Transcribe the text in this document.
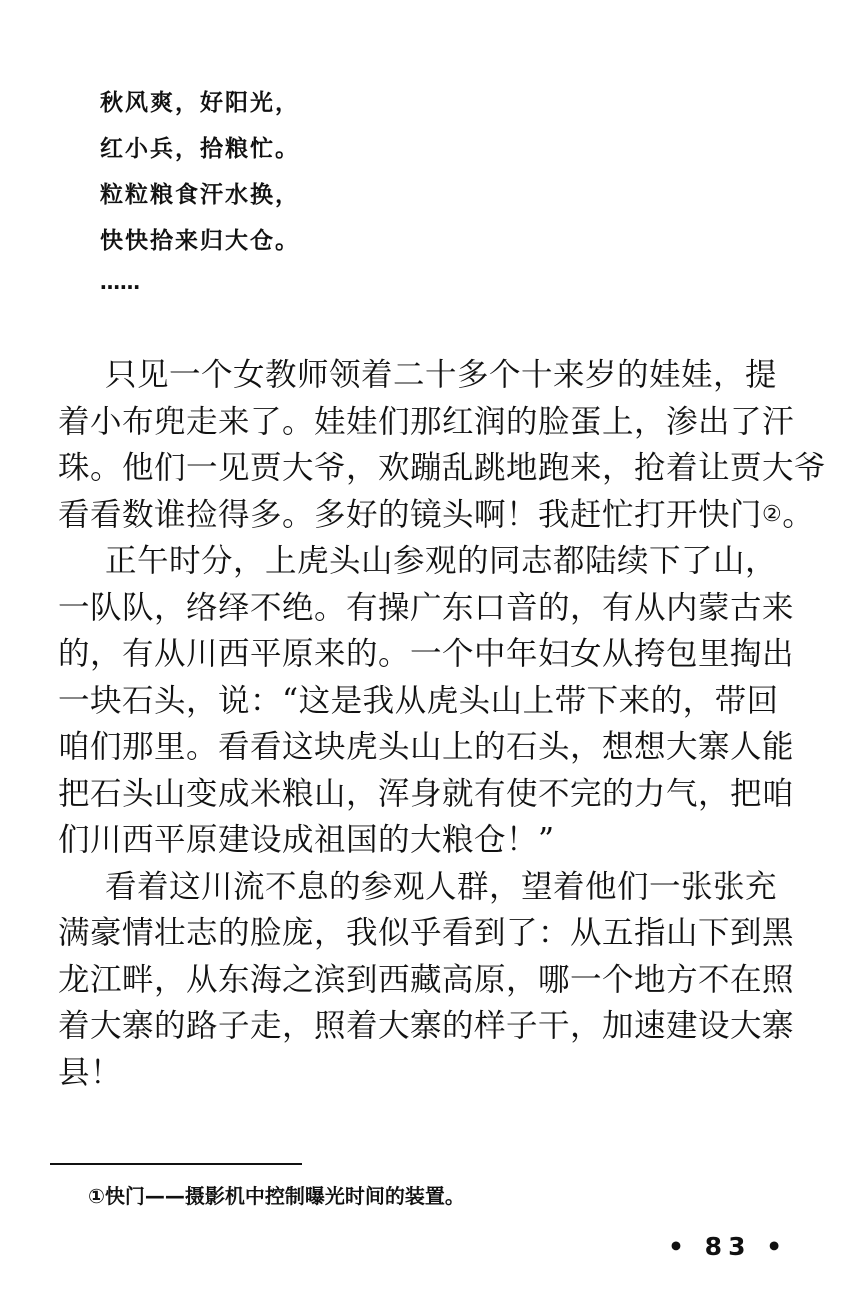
秋风爽，好阳光，
红小兵，拾粮忙。
粒粒粮食汗水换，
快快拾来归大仓。
……
只见一个女教师领着二十多个十来岁的娃娃，提
着小布兜走来了。娃娃们那红润的脸蛋上，渗出了汗
珠。他们一见贾大爷，欢蹦乱跳地跑来，抢着让贾大爷
看看数谁捡得多。多好的镜头啊！我赶忙打开快门②。
正午时分，上虎头山参观的同志都陆续下了山，
一队队，络绎不绝。有操广东口音的，有从内蒙古来
的，有从川西平原来的。一个中年妇女从挎包里掏出
一块石头，说：“这是我从虎头山上带下来的，带回
咱们那里。看看这块虎头山上的石头，想想大寨人能
把石头山变成米粮山，浑身就有使不完的力气，把咱
们川西平原建设成祖国的大粮仓！”
看着这川流不息的参观人群，望着他们一张张充
满豪情壮志的脸庞，我似乎看到了：从五指山下到黑
龙江畔，从东海之滨到西藏高原，哪一个地方不在照
着大寨的路子走，照着大寨的样子干，加速建设大寨
县！
①快门——摄影机中控制曝光时间的装置。
• 83 •
